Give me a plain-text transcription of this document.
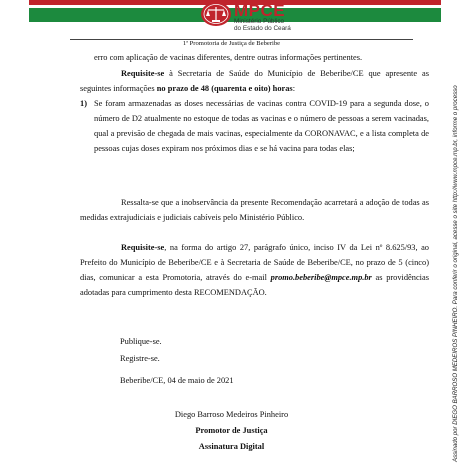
MPCE
Ministério Público
do Estado do Ceará
1ª Promotoria de Justiça de Beberibe
erro com aplicação de vacinas diferentes, dentre outras informações pertinentes.
Requisite-se à Secretaria de Saúde do Município de Beberibe/CE que apresente as seguintes informações no prazo de 48 (quarenta e oito) horas:
1) Se foram armazenadas as doses necessárias de vacinas contra COVID-19 para a segunda dose, o número de D2 atualmente no estoque de todas as vacinas e o número de pessoas a serem vacinadas, qual a previsão de chegada de mais vacinas, especialmente da CORONAVAC, e a lista completa de pessoas cujas doses expiram nos próximos dias e se há vacina para todas elas;
Ressalta-se que a inobservância da presente Recomendação acarretará a adoção de todas as medidas extrajudiciais e judiciais cabíveis pelo Ministério Público.
Requisite-se, na forma do artigo 27, parágrafo único, inciso IV da Lei nº 8.625/93, ao Prefeito do Município de Beberibe/CE e à Secretaria de Saúde de Beberibe/CE, no prazo de 5 (cinco) dias, comunicar a esta Promotoria, através do e-mail promo.beberibe@mpce.mp.br as providências adotadas para cumprimento desta RECOMENDAÇÃO.
Publique-se.
Registre-se.
Beberibe/CE, 04 de maio de 2021
Diego Barroso Medeiros Pinheiro
Promotor de Justiça
Assinatura Digital	Assinado por DIEGO BARROSO MEDEIROS PINHEIRO. Para conferir o original, acesse o site http://www.mpce.mp.br, informe o processo
